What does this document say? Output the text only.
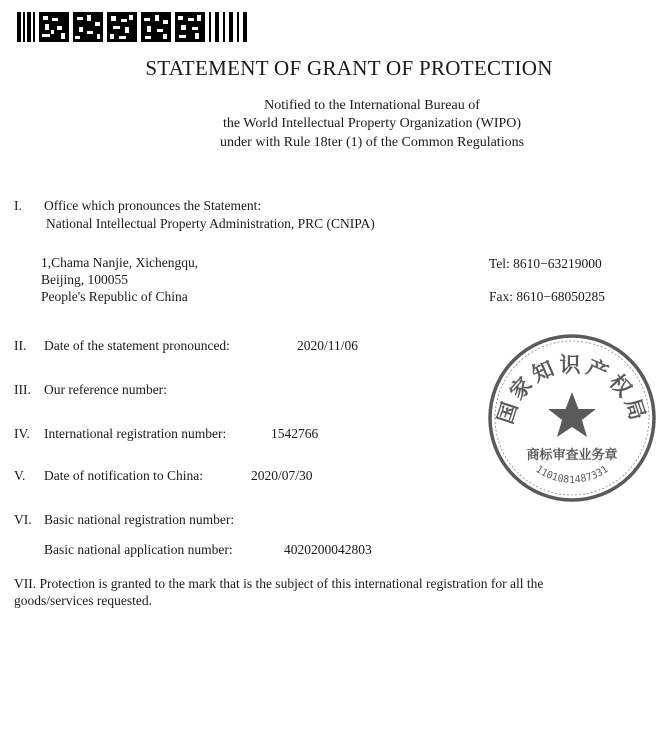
STATEMENT OF GRANT OF PROTECTION
Notified to the International Bureau of
the World Intellectual Property Organization (WIPO)
under with Rule 18ter (1) of the Common Regulations
I. Office which pronounces the Statement:
National Intellectual Property Administration, PRC (CNIPA)
1,Chama Nanjie, Xichengqu,
Beijing, 100055
People's Republic of China
Tel: 8610−63219000
Fax: 8610−68050285
II. Date of the statement pronounced:	2020/11/06
III. Our reference number:
IV. International registration number:	1542766
V. Date of notification to China:	2020/07/30
VI. Basic national registration number:
Basic national application number:	4020200042803
VII. Protection is granted to the mark that is the subject of this international registration for all the goods/services requested.
国家知识产权局
商标审查业务章
1101081487331
